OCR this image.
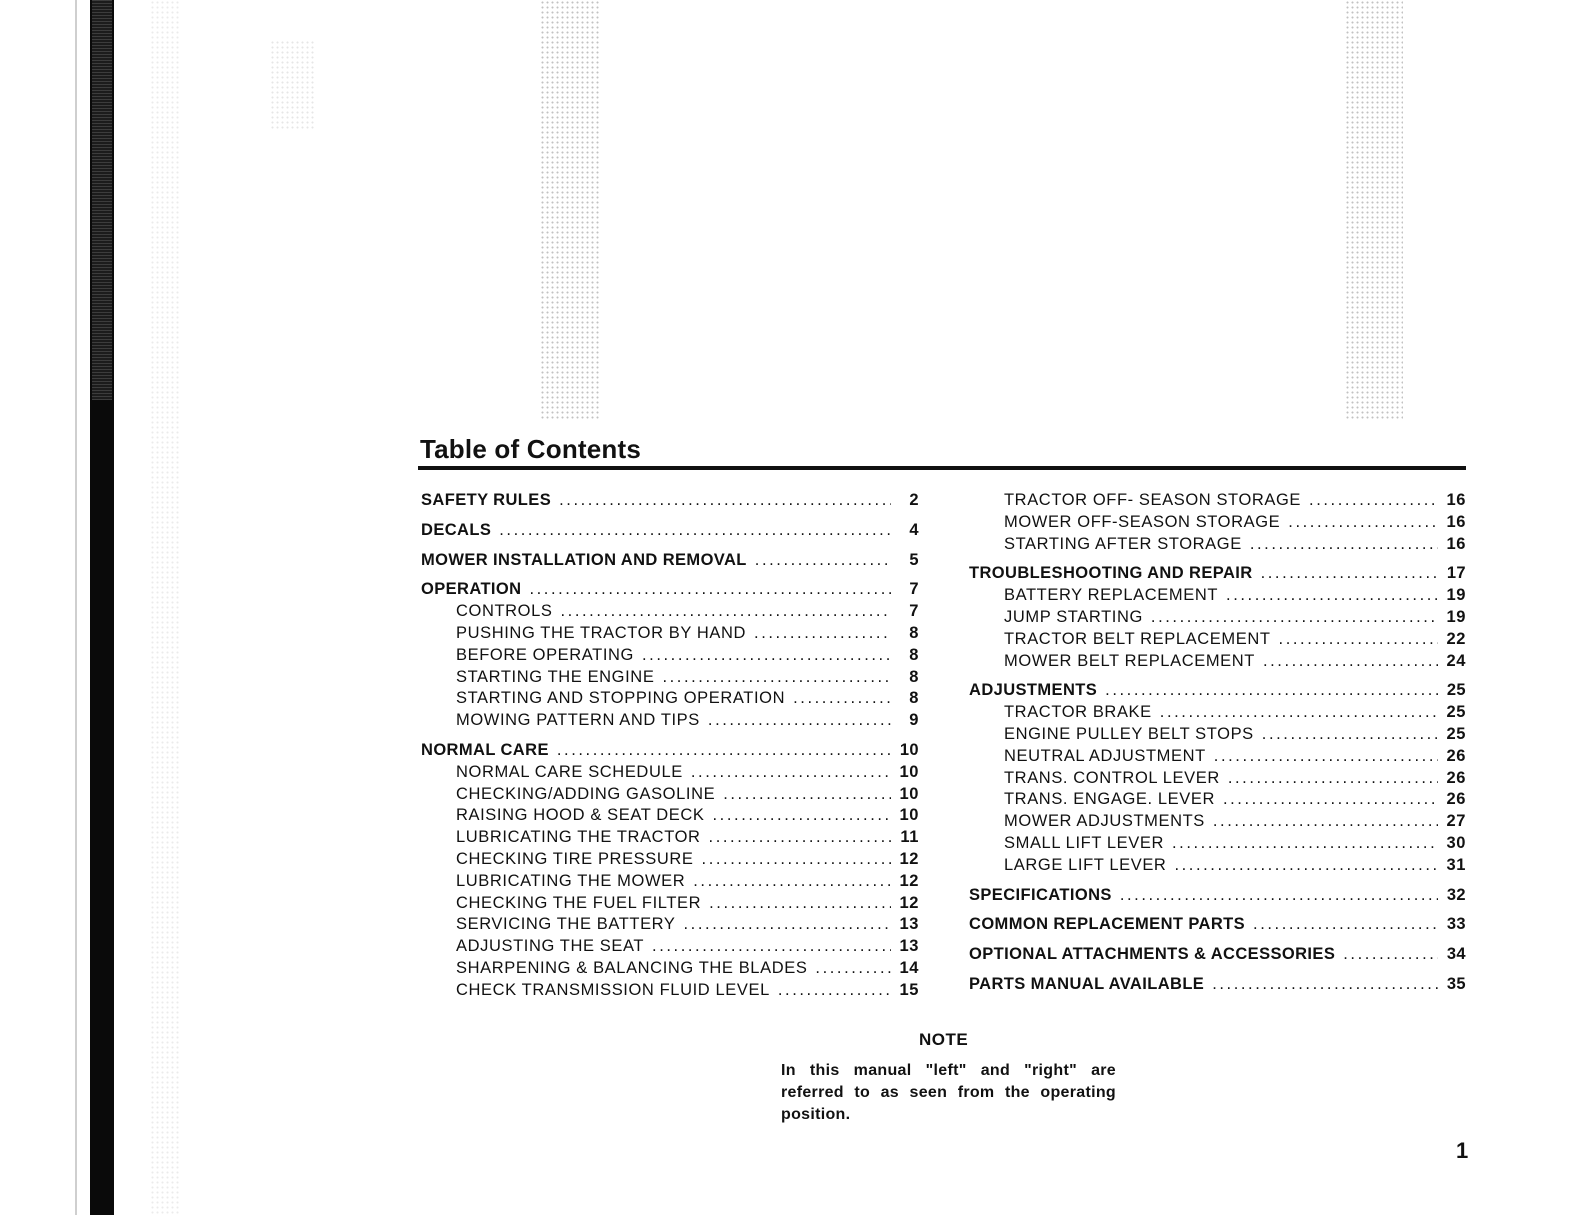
Table of Contents
SAFETY RULES . . .	2
DECALS . . .	4
MOWER INSTALLATION AND REMOVAL . . .	5
OPERATION . . .	7
CONTROLS . . .	7
PUSHING THE TRACTOR BY HAND . . .	8
BEFORE OPERATING . . .	8
STARTING THE ENGINE . . .	8
STARTING AND STOPPING OPERATION . . .	8
MOWING PATTERN AND TIPS . . .	9
NORMAL CARE . . .	10
NORMAL CARE SCHEDULE . . .	10
CHECKING/ADDING GASOLINE . . .	10
RAISING HOOD & SEAT DECK . . .	10
LUBRICATING THE TRACTOR . . .	11
CHECKING TIRE PRESSURE . . .	12
LUBRICATING THE MOWER . . .	12
CHECKING THE FUEL FILTER . . .	12
SERVICING THE BATTERY . . .	13
ADJUSTING THE SEAT . . .	13
SHARPENING & BALANCING THE BLADES . . .	14
CHECK TRANSMISSION FLUID LEVEL . . .	15
TRACTOR OFF- SEASON STORAGE . . .	16
MOWER OFF-SEASON STORAGE . . .	16
STARTING AFTER STORAGE . . .	16
TROUBLESHOOTING AND REPAIR . . .	17
BATTERY REPLACEMENT . . .	19
JUMP STARTING . . .	19
TRACTOR BELT REPLACEMENT . . .	22
MOWER BELT REPLACEMENT . . .	24
ADJUSTMENTS . . .	25
TRACTOR BRAKE . . .	25
ENGINE PULLEY BELT STOPS . . .	25
NEUTRAL ADJUSTMENT . . .	26
TRANS. CONTROL LEVER . . .	26
TRANS. ENGAGE. LEVER . . .	26
MOWER ADJUSTMENTS . . .	27
SMALL LIFT LEVER . . .	30
LARGE LIFT LEVER . . .	31
SPECIFICATIONS . . .	32
COMMON REPLACEMENT PARTS . . .	33
OPTIONAL ATTACHMENTS & ACCESSORIES . . .	34
PARTS MANUAL AVAILABLE . . .	35
NOTE

In this manual "left" and "right" are referred to as seen from the operating position.

1
